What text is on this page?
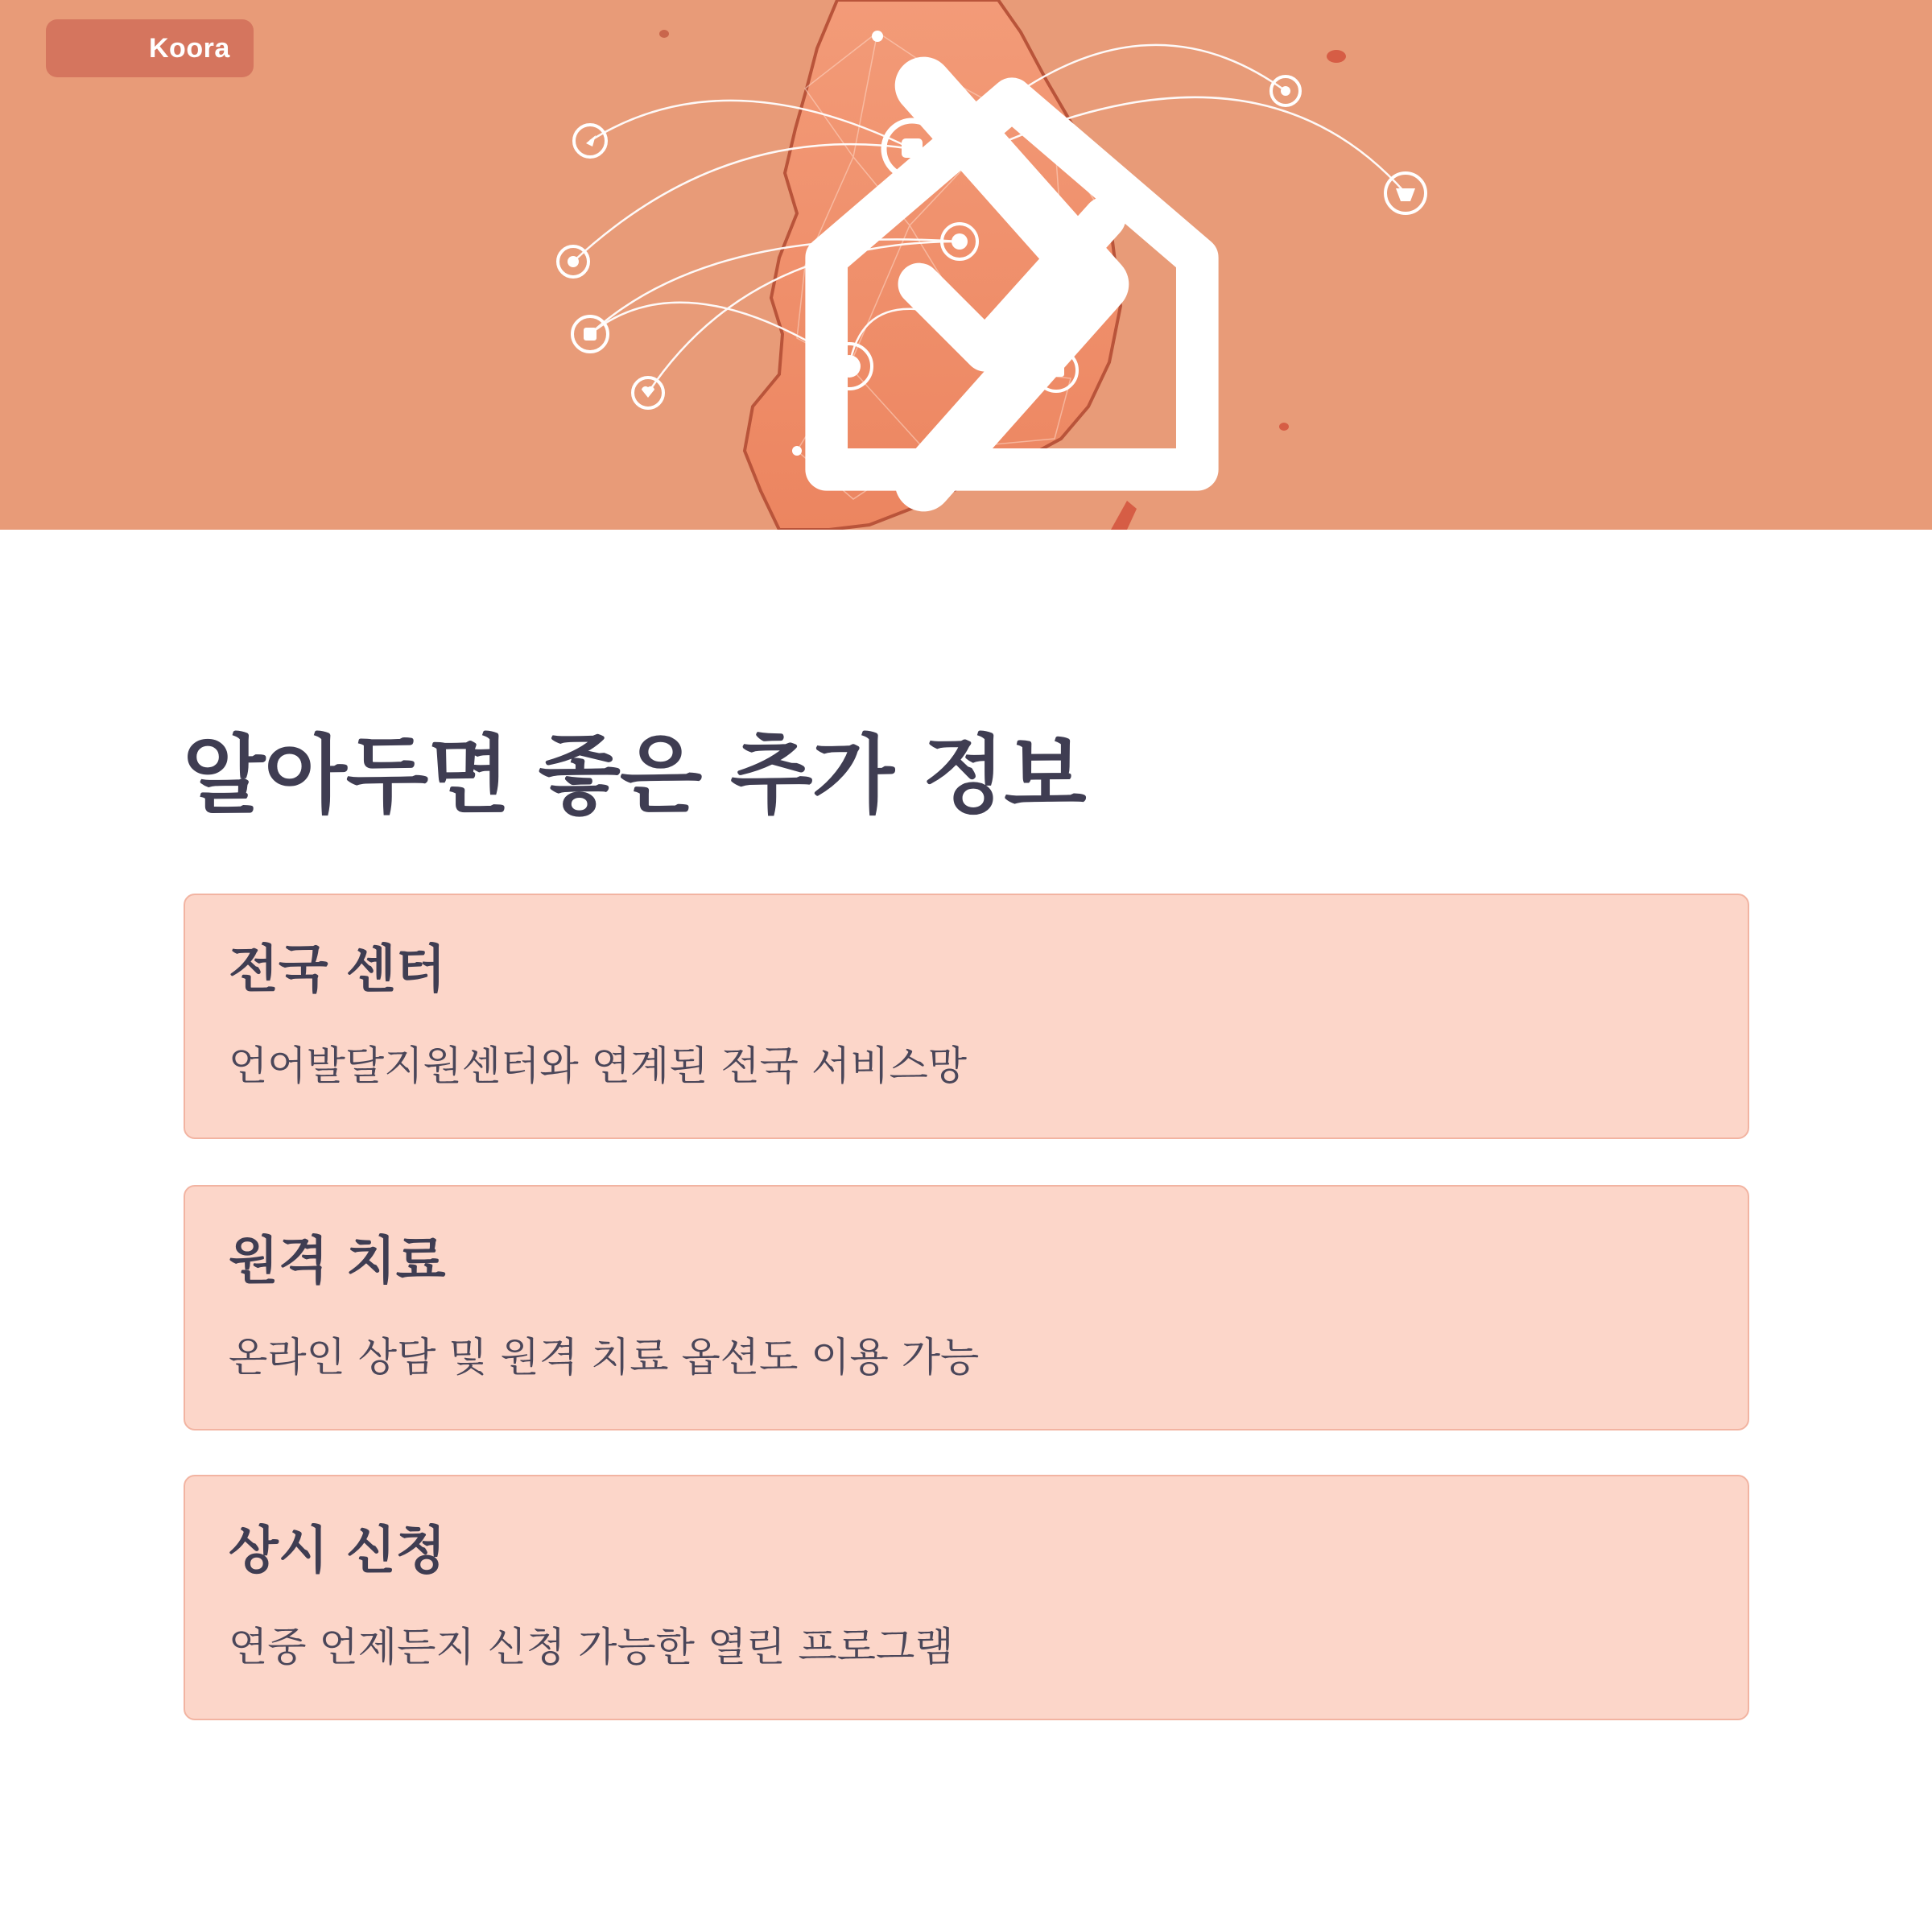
Koora
알아두면 좋은 추가 정보
전국 센터

언어발달지원센터와 연계된 전국 서비스망

원격 치료

온라인 상담 및 원격 치료 옵션도 이용 가능

상시 신청

연중 언제든지 신청 가능한 열린 프로그램
